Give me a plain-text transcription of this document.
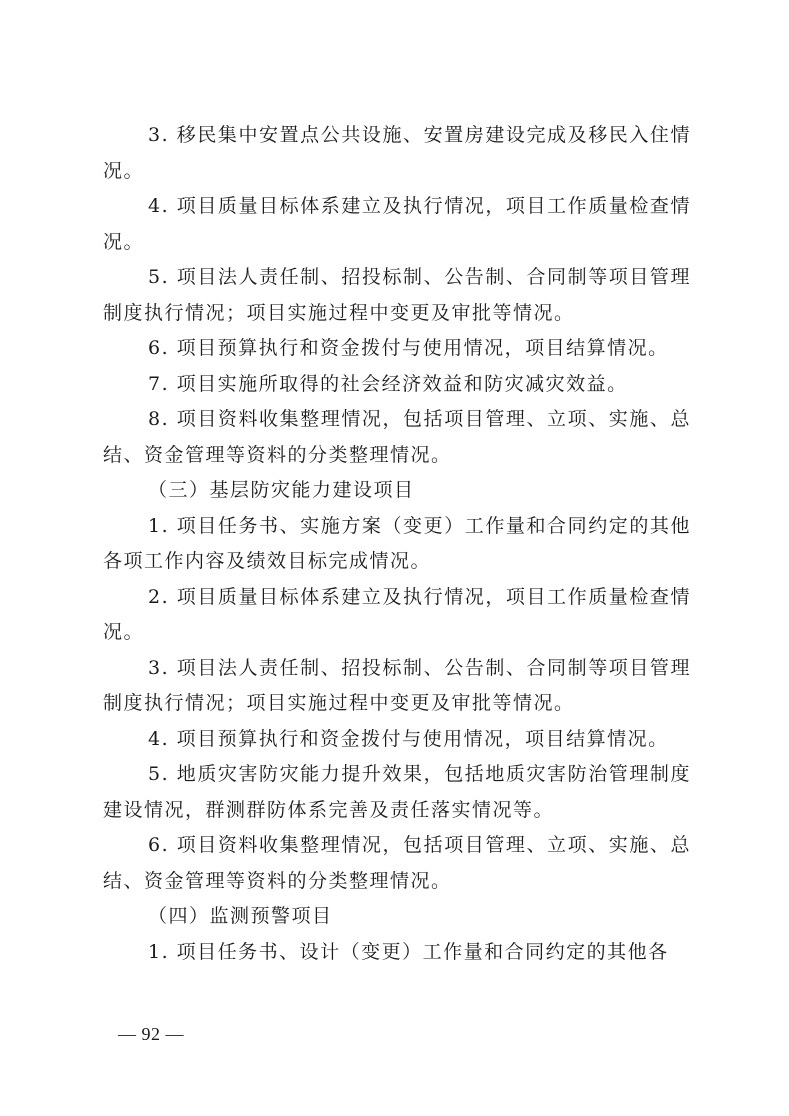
3. 移民集中安置点公共设施、安置房建设完成及移民入住情况。

4. 项目质量目标体系建立及执行情况，项目工作质量检查情况。

5. 项目法人责任制、招投标制、公告制、合同制等项目管理制度执行情况；项目实施过程中变更及审批等情况。

6. 项目预算执行和资金拨付与使用情况，项目结算情况。

7. 项目实施所取得的社会经济效益和防灾减灾效益。

8. 项目资料收集整理情况，包括项目管理、立项、实施、总结、资金管理等资料的分类整理情况。

（三）基层防灾能力建设项目

1. 项目任务书、实施方案（变更）工作量和合同约定的其他各项工作内容及绩效目标完成情况。

2. 项目质量目标体系建立及执行情况，项目工作质量检查情况。

3. 项目法人责任制、招投标制、公告制、合同制等项目管理制度执行情况；项目实施过程中变更及审批等情况。

4. 项目预算执行和资金拨付与使用情况，项目结算情况。

5. 地质灾害防灾能力提升效果，包括地质灾害防治管理制度建设情况，群测群防体系完善及责任落实情况等。

6. 项目资料收集整理情况，包括项目管理、立项、实施、总结、资金管理等资料的分类整理情况。

（四）监测预警项目

1. 项目任务书、设计（变更）工作量和合同约定的其他各

— 92 —
